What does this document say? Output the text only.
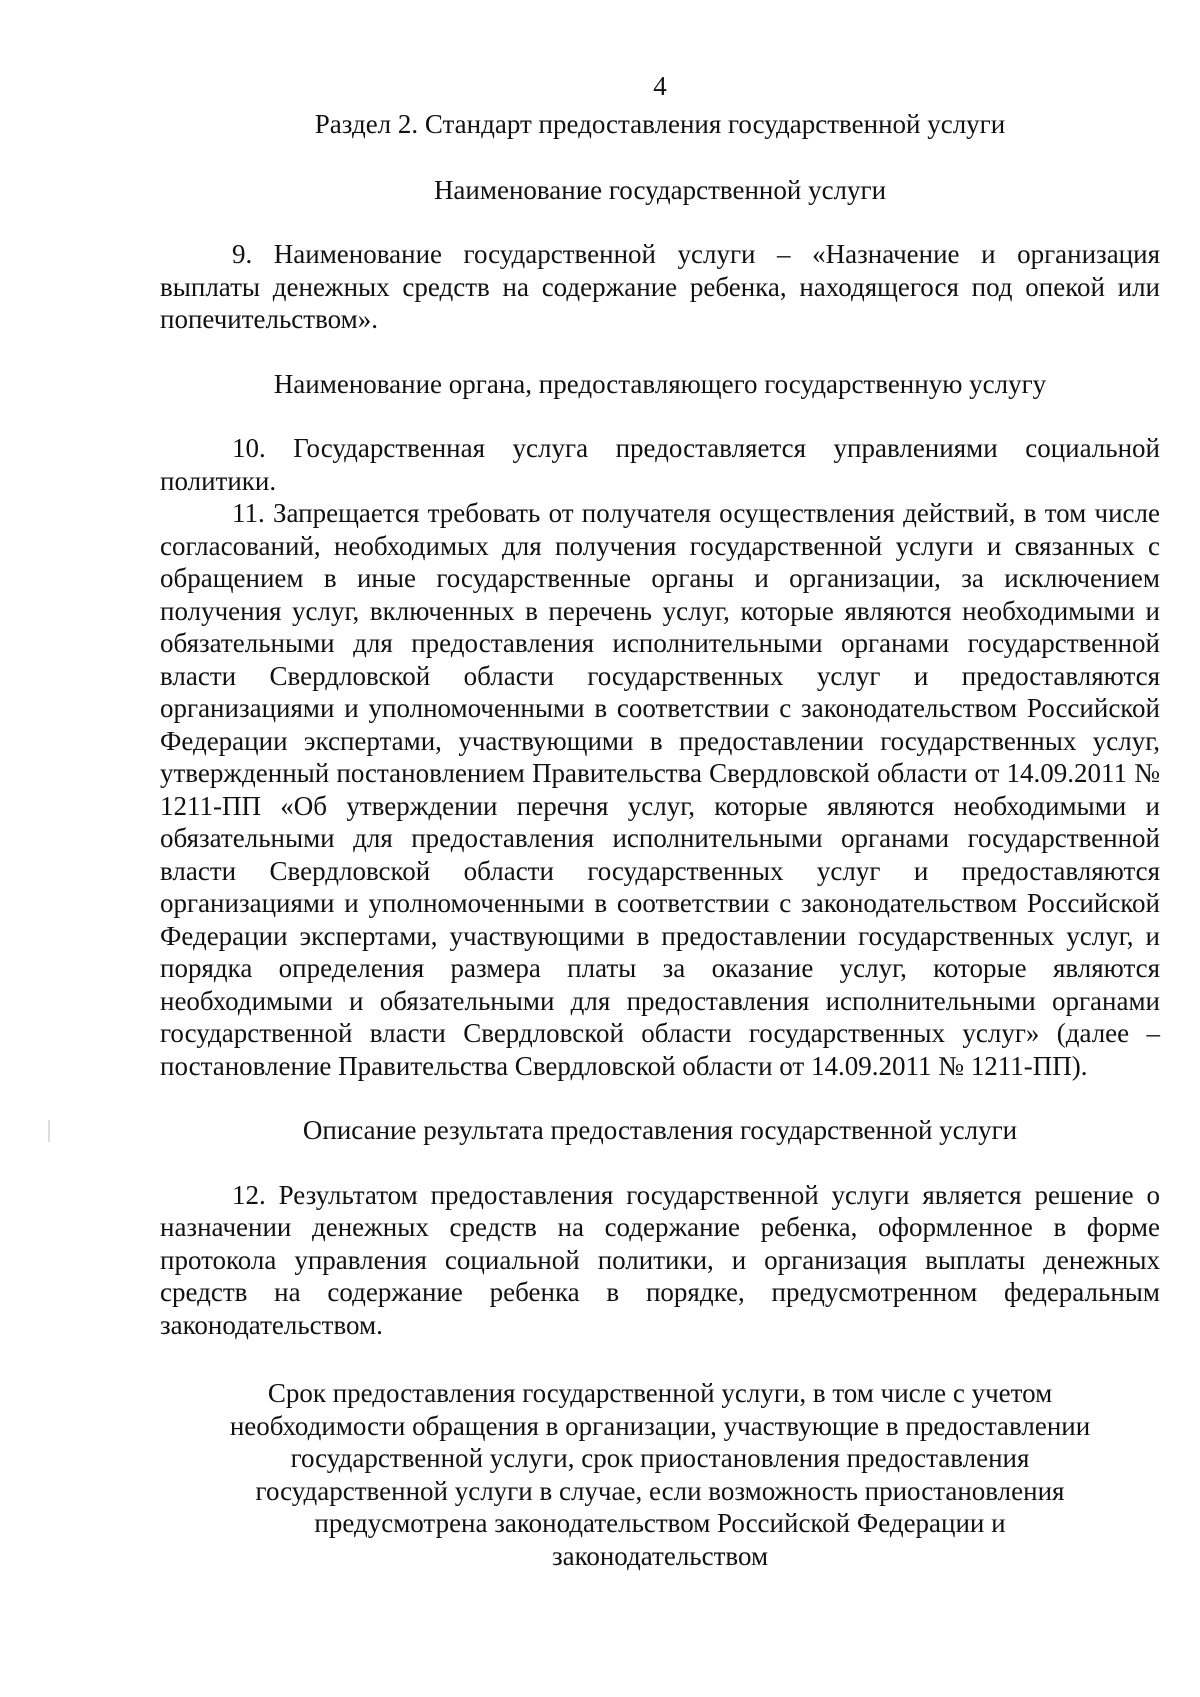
4
Раздел 2. Стандарт предоставления государственной услуги
Наименование государственной услуги

9. Наименование государственной услуги – «Назначение и организация выплаты денежных средств на содержание ребенка, находящегося под опекой или попечительством».

Наименование органа, предоставляющего государственную услугу

10. Государственная услуга предоставляется управлениями социальной политики.

11. Запрещается требовать от получателя осуществления действий, в том числе согласований, необходимых для получения государственной услуги и связанных с обращением в иные государственные органы и организации, за исключением получения услуг, включенных в перечень услуг, которые являются необходимыми и обязательными для предоставления исполнительными органами государственной власти Свердловской области государственных услуг и предоставляются организациями и уполномоченными в соответствии с законодательством Российской Федерации экспертами, участвующими в предоставлении государственных услуг, утвержденный постановлением Правительства Свердловской области от 14.09.2011 № 1211-ПП «Об утверждении перечня услуг, которые являются необходимыми и обязательными для предоставления исполнительными органами государственной власти Свердловской области государственных услуг и предоставляются организациями и уполномоченными в соответствии с законодательством Российской Федерации экспертами, участвующими в предоставлении государственных услуг, и порядка определения размера платы за оказание услуг, которые являются необходимыми и обязательными для предоставления исполнительными органами государственной власти Свердловской области государственных услуг» (далее – постановление Правительства Свердловской области от 14.09.2011 № 1211-ПП).

Описание результата предоставления государственной услуги

12. Результатом предоставления государственной услуги является решение о назначении денежных средств на содержание ребенка, оформленное в форме протокола управления социальной политики, и организация выплаты денежных средств на содержание ребенка в порядке, предусмотренном федеральным законодательством.

Срок предоставления государственной услуги, в том числе с учетом необходимости обращения в организации, участвующие в предоставлении государственной услуги, срок приостановления предоставления государственной услуги в случае, если возможность приостановления предусмотрена законодательством Российской Федерации и законодательством
